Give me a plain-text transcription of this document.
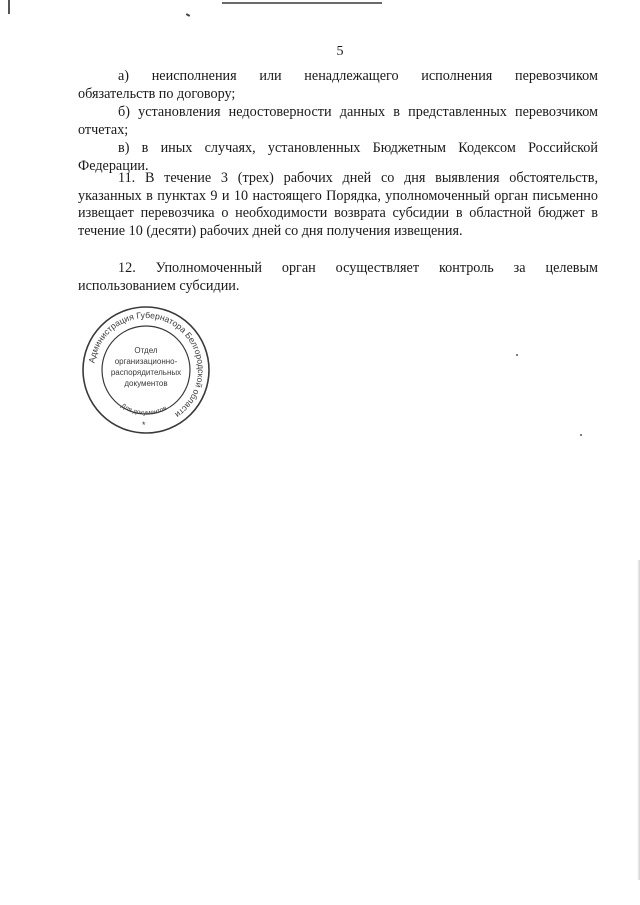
5
а) неисполнения или ненадлежащего исполнения перевозчиком
обязательств по договору;
б) установления недостоверности данных в представленных перевозчиком
отчетах;
в) в иных случаях, установленных Бюджетным Кодексом Российской
Федерации.
11. В течение 3 (трех) рабочих дней со дня выявления обстоятельств,
указанных в пунктах 9 и 10 настоящего Порядка, уполномоченный орган письменно извещает перевозчика о необходимости возврата субсидии в областной бюджет в течение 10 (десяти) рабочих дней со дня получения извещения.
12. Уполномоченный орган осуществляет контроль за целевым
использованием субсидии.
Администрация Губернатора Белгородской области
Отдел
организационно-
распорядительных
документов
Для документов
*
